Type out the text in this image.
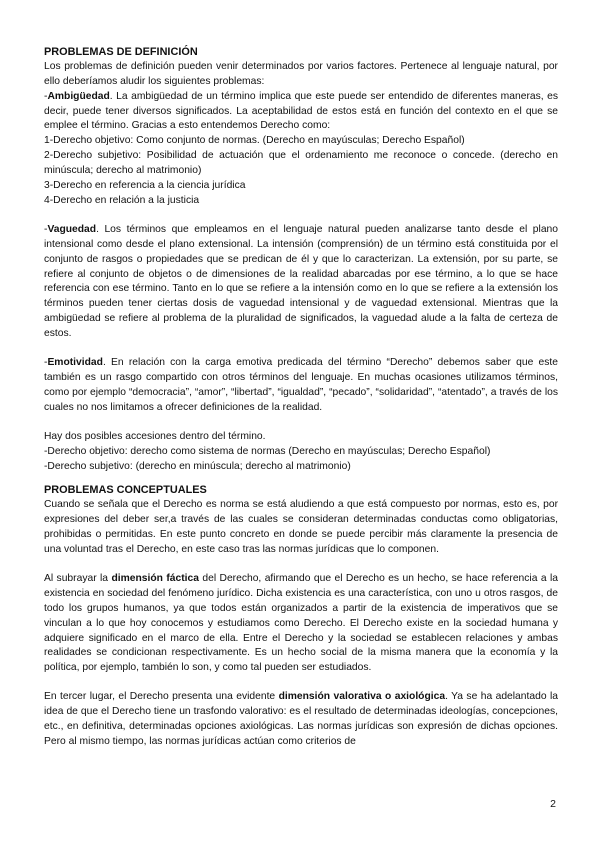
PROBLEMAS DE DEFINICIÓN

Los problemas de definición pueden venir determinados por varios factores. Pertenece al lenguaje natural, por ello deberíamos aludir los siguientes problemas:

-Ambigüedad. La ambigüedad de un término implica que este puede ser entendido de diferentes maneras, es decir, puede tener diversos significados. La aceptabilidad de estos está en función del contexto en el que se emplee el término. Gracias a esto entendemos Derecho como:

1-Derecho objetivo: Como conjunto de normas. (Derecho en mayúsculas; Derecho Español)

2-Derecho subjetivo: Posibilidad de actuación que el ordenamiento me reconoce o concede. (derecho en minúscula; derecho al matrimonio)

3-Derecho en referencia a la ciencia jurídica

4-Derecho en relación a la justicia

-Vaguedad. Los términos que empleamos en el lenguaje natural pueden analizarse tanto desde el plano intensional como desde el plano extensional. La intensión (comprensión) de un término está constituida por el conjunto de rasgos o propiedades que se predican de él y que lo caracterizan. La extensión, por su parte, se refiere al conjunto de objetos o de dimensiones de la realidad abarcadas por ese término, a lo que se hace referencia con ese término. Tanto en lo que se refiere a la intensión como en lo que se refiere a la extensión los términos pueden tener ciertas dosis de vaguedad intensional y de vaguedad extensional. Mientras que la ambigüedad se refiere al problema de la pluralidad de significados, la vaguedad alude a la falta de certeza de estos.

-Emotividad. En relación con la carga emotiva predicada del término “Derecho” debemos saber que este también es un rasgo compartido con otros términos del lenguaje. En muchas ocasiones utilizamos términos, como por ejemplo “democracia”, “amor”, “libertad”, “igualdad”, “pecado”, “solidaridad”, “atentado”, a través de los cuales no nos limitamos a ofrecer definiciones de la realidad.

Hay dos posibles accesiones dentro del término.

-Derecho objetivo: derecho como sistema de normas (Derecho en mayúsculas; Derecho Español)

-Derecho subjetivo: (derecho en minúscula; derecho al matrimonio)

PROBLEMAS CONCEPTUALES

Cuando se señala que el Derecho es norma se está aludiendo a que está compuesto por normas, esto es, por expresiones del deber ser,a través de las cuales se consideran determinadas conductas como obligatorias, prohibidas o permitidas. En este punto concreto en donde se puede percibir más claramente la presencia de una voluntad tras el Derecho, en este caso tras las normas jurídicas que lo componen.

Al subrayar la dimensión fáctica del Derecho, afirmando que el Derecho es un hecho, se hace referencia a la existencia en sociedad del fenómeno jurídico. Dicha existencia es una característica, con uno u otros rasgos, de todo los grupos humanos, ya que todos están organizados a partir de la existencia de imperativos que se vinculan a lo que hoy conocemos y estudiamos como Derecho. El Derecho existe en la sociedad humana y adquiere significado en el marco de ella. Entre el Derecho y la sociedad se establecen relaciones y ambas realidades se condicionan respectivamente. Es un hecho social de la misma manera que la economía y la política, por ejemplo, también lo son, y como tal pueden ser estudiados.

En tercer lugar, el Derecho presenta una evidente dimensión valorativa o axiológica. Ya se ha adelantado la idea de que el Derecho tiene un trasfondo valorativo: es el resultado de determinadas ideologías, concepciones, etc., en definitiva, determinadas opciones axiológicas. Las normas jurídicas son expresión de dichas opciones. Pero al mismo tiempo, las normas jurídicas actúan como criterios de

2
